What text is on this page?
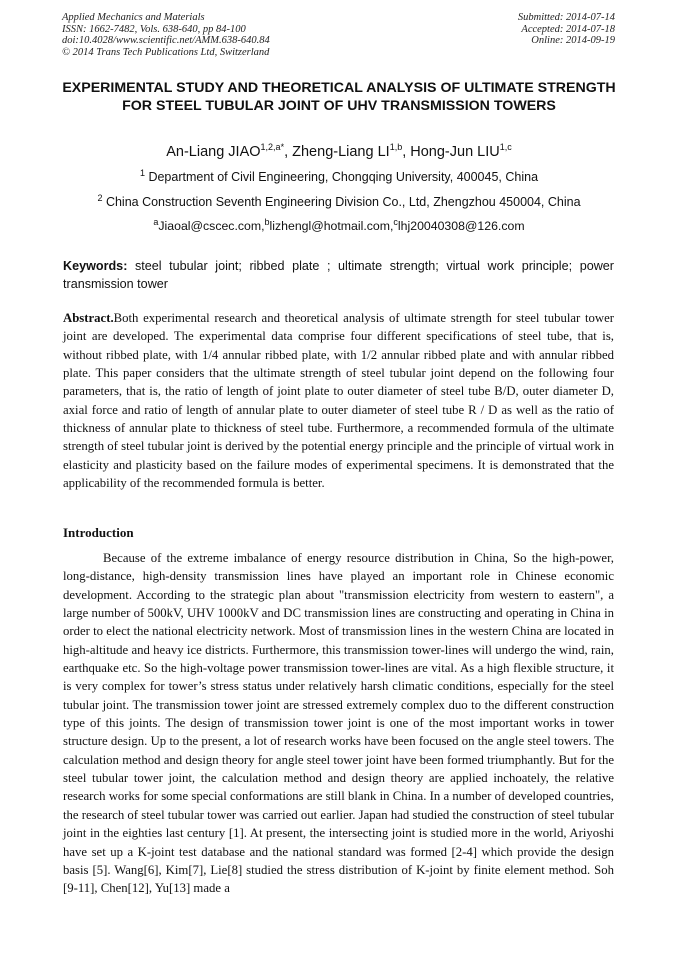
Applied Mechanics and Materials
ISSN: 1662-7482, Vols. 638-640, pp 84-100
doi:10.4028/www.scientific.net/AMM.638-640.84
© 2014 Trans Tech Publications Ltd, Switzerland
Submitted: 2014-07-14
Accepted: 2014-07-18
Online: 2014-09-19
EXPERIMENTAL STUDY AND THEORETICAL ANALYSIS OF ULTIMATE STRENGTH FOR STEEL TUBULAR JOINT OF UHV TRANSMISSION TOWERS
An-Liang $JIAO^{1,2,a*}$, Zheng-Liang LI$^{1,b}$, Hong-Jun LIU$^{1,c}$
$^1$ Department of Civil Engineering, Chongqing University, 400045, China
$^2$ China Construction Seventh Engineering Division Co., Ltd, Zhengzhou 450004, China
$^a$Jiaoal@cscec.com,$^b$lizhengl@hotmail.com,$^c$lhj20040308@126.com
Keywords: steel tubular joint; ribbed plate ; ultimate strength; virtual work principle; power transmission tower
Abstract.Both experimental research and theoretical analysis of ultimate strength for steel tubular tower joint are developed. The experimental data comprise four different specifications of steel tube, that is, without ribbed plate, with 1/4 annular ribbed plate, with 1/2 annular ribbed plate and with annular ribbed plate. This paper considers that the ultimate strength of steel tubular joint depend on the following four parameters, that is, the ratio of length of joint plate to outer diameter of steel tube B/D, outer diameter D, axial force and ratio of length of annular plate to outer diameter of steel tube R / D as well as the ratio of thickness of annular plate to thickness of steel tube. Furthermore, a recommended formula of the ultimate strength of steel tubular joint is derived by the potential energy principle and the principle of virtual work in elasticity and plasticity based on the failure modes of experimental specimens. It is demonstrated that the applicability of the recommended formula is better.
Introduction
Because of the extreme imbalance of energy resource distribution in China, So the high-power, long-distance, high-density transmission lines have played an important role in Chinese economic development. According to the strategic plan about "transmission electricity from western to eastern", a large number of 500kV, UHV 1000kV and DC transmission lines are constructing and operating in China in order to elect the national electricity network. Most of transmission lines in the western China are located in high-altitude and heavy ice districts. Furthermore, this transmission tower-lines will undergo the wind, rain, earthquake etc. So the high-voltage power transmission tower-lines are vital. As a high flexible structure, it is very complex for tower’s stress status under relatively harsh climatic conditions, especially for the steel tubular joint. The transmission tower joint are stressed extremely complex duo to the different construction type of this joints. The design of transmission tower joint is one of the most important works in tower structure design. Up to the present, a lot of research works have been focused on the angle steel towers. The calculation method and design theory for angle steel tower joint have been formed triumphantly. But for the steel tubular tower joint, the calculation method and design theory are applied inchoately, the relative research works for some special conformations are still blank in China. In a number of developed countries, the research of steel tubular tower was carried out earlier. Japan had studied the construction of steel tubular joint in the eighties last century [1]. At present, the intersecting joint is studied more in the world, Ariyoshi have set up a K-joint test database and the national standard was formed [2-4] which provide the design basis [5]. Wang[6], Kim[7], Lie[8] studied the stress distribution of K-joint by finite element method. Soh [9-11], Chen[12], Yu[13] made a
